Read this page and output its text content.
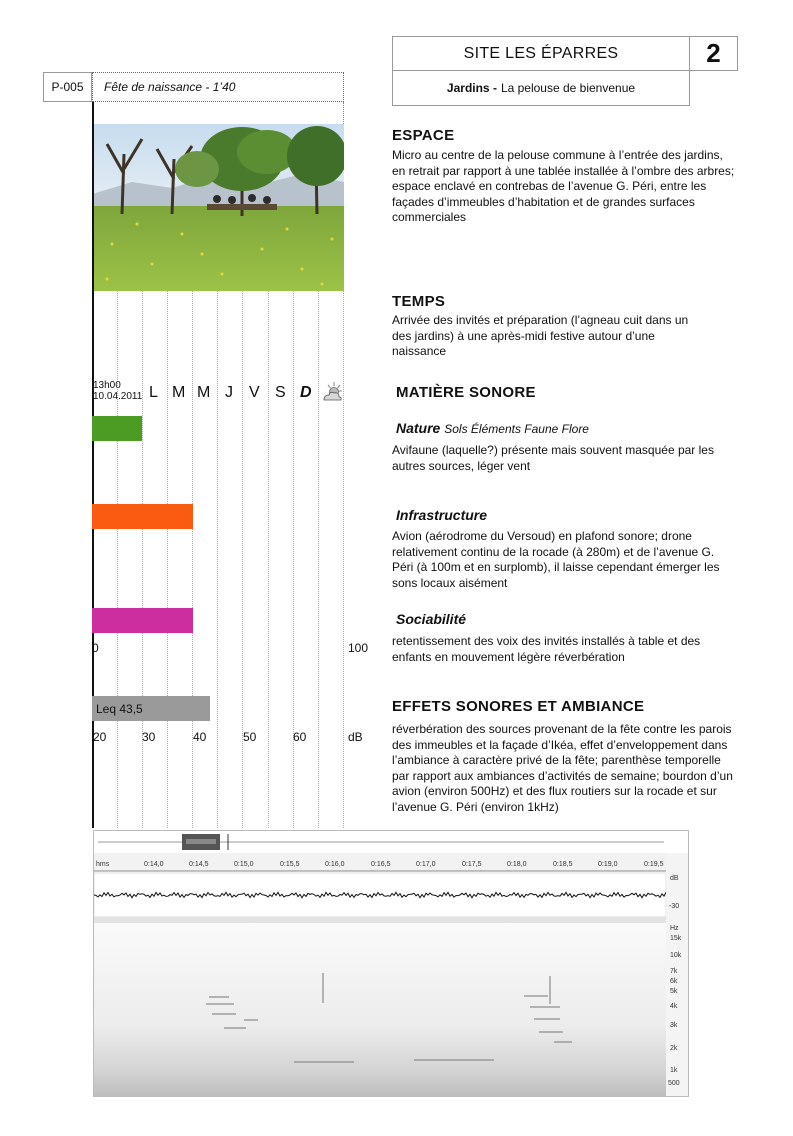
SITE LES ÉPARRES	2
Jardins - La pelouse de bienvenue
P-005 Fête de naissance - 1’40
13h00
10.04.2011 L M M J V S D
0	100
Leq 43,5
20	30	40	50	60	dB
ESPACE
Micro au centre de la pelouse commune à l’entrée des jardins, en retrait par rapport à une tablée installée à l’ombre des arbres; espace enclavé en contrebas de l’avenue G. Péri, entre les façades d’immeubles d’habitation et de grandes surfaces commerciales
TEMPS
Arrivée des invités et préparation (l’agneau cuit dans un des jardins) à une après-midi festive autour d’une naissance
MATIÈRE SONORE
Nature Sols Éléments Faune Flore
Avifaune (laquelle?) présente mais souvent masquée par les autres sources, léger vent
Infrastructure
Avion (aérodrome du Versoud) en plafond sonore; drone relativement continu de la rocade (à 280m) et de l’avenue G. Péri (à 100m et en surplomb), il laisse cependant émerger les sons locaux aisément
Sociabilité
retentissement des voix des invités installés à table et des enfants en mouvement légère réverbération
EFFETS SONORES ET AMBIANCE
réverbération des sources provenant de la fête contre les parois des immeubles et la façade d’Ikéa, effet d’enveloppement dans l’ambiance à caractère privé de la fête; parenthèse temporelle par rapport aux ambiances d’activités de semaine; bourdon d’un avion (environ 500Hz) et des flux routiers sur la rocade et sur l’avenue G. Péri (environ 1kHz)
hms	0:14,0	0:14,5	0:15,0	0:15,5	0:16,0	0:16,5	0:17,0	0:17,5	0:18,0	0:18,5	0:19,0	0:19,5
dB
-30
Hz
15k
10k
7k
6k
5k
4k
3k
2k
1k
500
